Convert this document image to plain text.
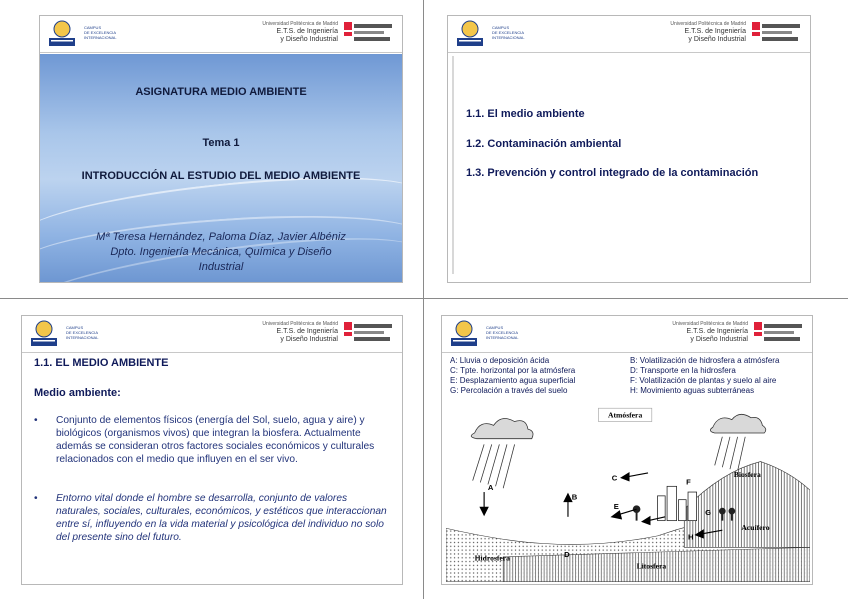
CAMPUS
DE EXCELENCIA
INTERNACIONAL
Universidad Politécnica de Madrid
E.T.S. de Ingeniería
y Diseño Industrial
ASIGNATURA MEDIO AMBIENTE
Tema 1
INTRODUCCIÓN AL ESTUDIO DEL MEDIO AMBIENTE
Mª Teresa Hernández, Paloma Díaz, Javier Albéniz
Dpto. Ingeniería Mecánica, Química y Diseño
Industrial
CAMPUS
DE EXCELENCIA
INTERNACIONAL
Universidad Politécnica de Madrid
E.T.S. de Ingeniería
y Diseño Industrial
1.1. El medio ambiente
1.2. Contaminación ambiental
1.3. Prevención y control integrado de la contaminación
CAMPUS
DE EXCELENCIA
INTERNACIONAL
Universidad Politécnica de Madrid
E.T.S. de Ingeniería
y Diseño Industrial
1.1. EL MEDIO AMBIENTE
Medio ambiente:
• Conjunto de elementos físicos (energía del Sol, suelo, agua y aire) y biológicos (organismos vivos) que integran la biosfera. Actualmente además se consideran otros factores sociales económicos y culturales relacionados con el medio que influyen en el ser vivo.
• Entorno vital donde el hombre se desarrolla, conjunto de valores naturales, sociales, culturales, económicos, y estéticos que interaccionan entre sí, influyendo en la vida material y psicológica del individuo no solo del presente sino del futuro.
CAMPUS
DE EXCELENCIA
INTERNACIONAL
Universidad Politécnica de Madrid
E.T.S. de Ingeniería
y Diseño Industrial
A: Lluvia o deposición ácida	B: Volatilización de hidrosfera a atmósfera
C: Tpte. horizontal por la atmósfera	D: Transporte en la hidrosfera
E: Desplazamiento agua superficial	F: Volatilización de plantas y suelo al aire
G: Percolación a través del suelo	H: Movimiento aguas subterráneas
Atmósfera
Biosfera
Acuífero
Hidrosfera
Litosfera
A
B
C
D
E
F
G
H
